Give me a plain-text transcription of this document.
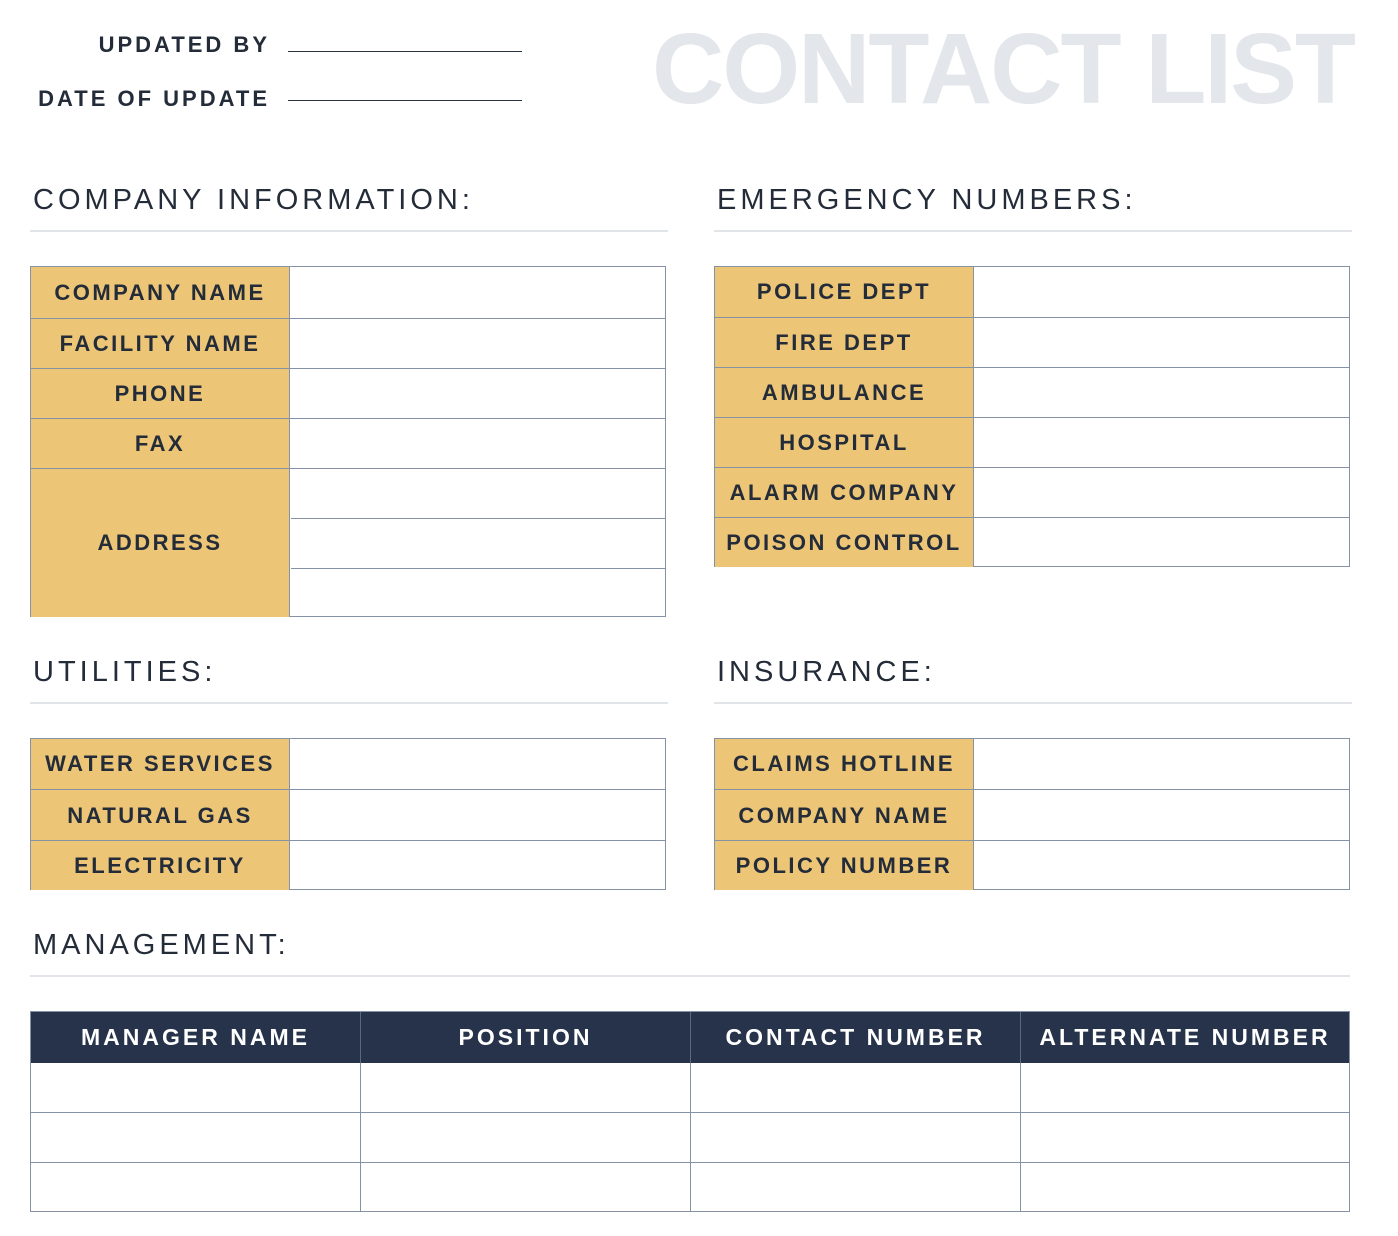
UPDATED BY
DATE OF UPDATE	CONTACT LIST
COMPANY INFORMATION:
COMPANY NAME
FACILITY NAME
PHONE
FAX
ADDRESS
EMERGENCY NUMBERS:
POLICE DEPT
FIRE DEPT
AMBULANCE
HOSPITAL
ALARM COMPANY
POISON CONTROL
UTILITIES:
WATER SERVICES
NATURAL GAS
ELECTRICITY
INSURANCE:
CLAIMS HOTLINE
COMPANY NAME
POLICY NUMBER
MANAGEMENT:
MANAGER NAME	POSITION	CONTACT NUMBER	ALTERNATE NUMBER
